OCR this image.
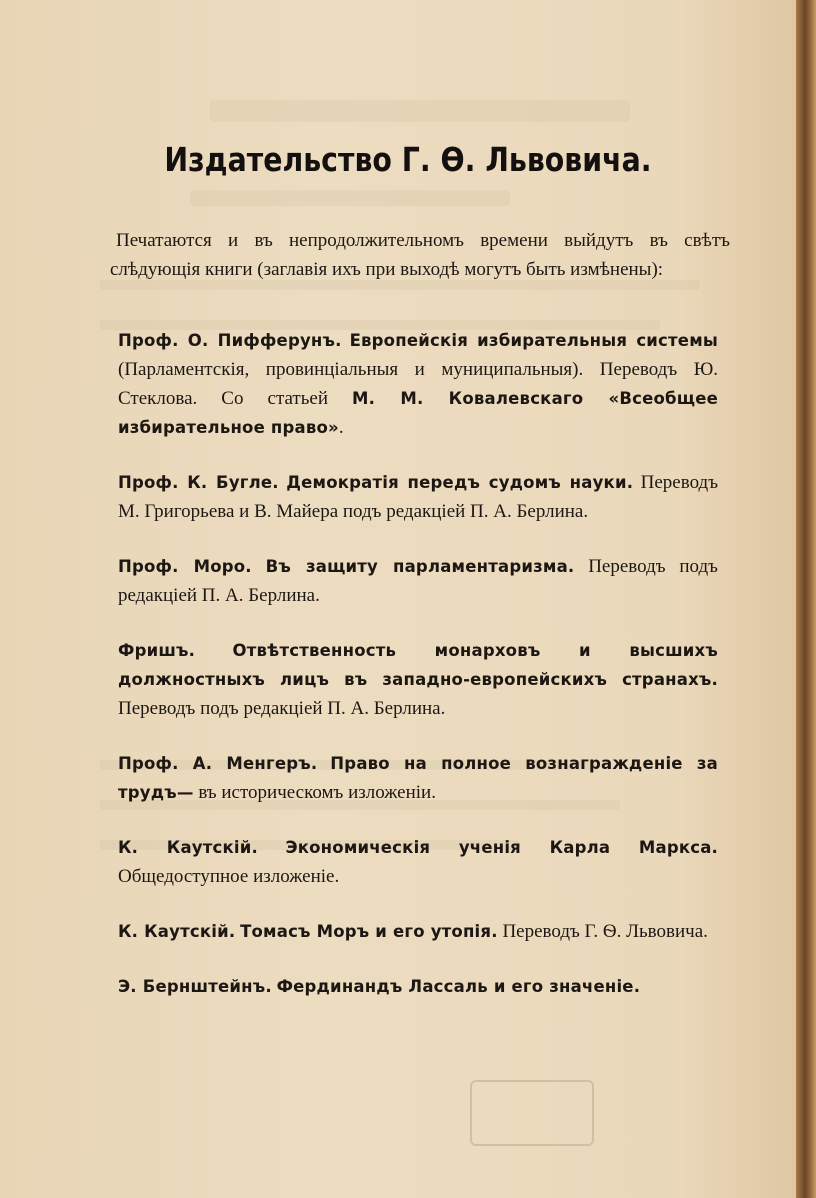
Издательство Г. Ѳ. Львовича.
Печатаются и въ непродолжительномъ времени выйдутъ въ свѣтъ слѣдующія книги (заглавія ихъ при выходѣ могутъ быть измѣнены):
Проф. О. Пифферунъ. Европейскія избирательныя системы (Парламентскія, провинціальныя и муниципальныя). Переводъ Ю. Стеклова. Со статьей М. М. Ковалевскаго «Всеобщее избирательное право».
Проф. К. Бугле. Демократія передъ судомъ науки. Переводъ М. Григорьева и В. Майера подъ редакціей П. А. Берлина.
Проф. Моро. Въ защиту парламентаризма. Переводъ подъ редакціей П. А. Берлина.
Фришъ. Отвѣтственность монарховъ и высшихъ должностныхъ лицъ въ западно-европейскихъ странахъ. Переводъ подъ редакціей П. А. Берлина.
Проф. А. Менгеръ. Право на полное вознагражденіе за трудъ— въ историческомъ изложеніи.
К. Каутскій. Экономическія ученія Карла Маркса. Общедоступное изложеніе.
К. Каутскій. Томасъ Моръ и его утопія. Переводъ Г. Ѳ. Львовича.
Э. Бернштейнъ. Фердинандъ Лассаль и его значеніе.
